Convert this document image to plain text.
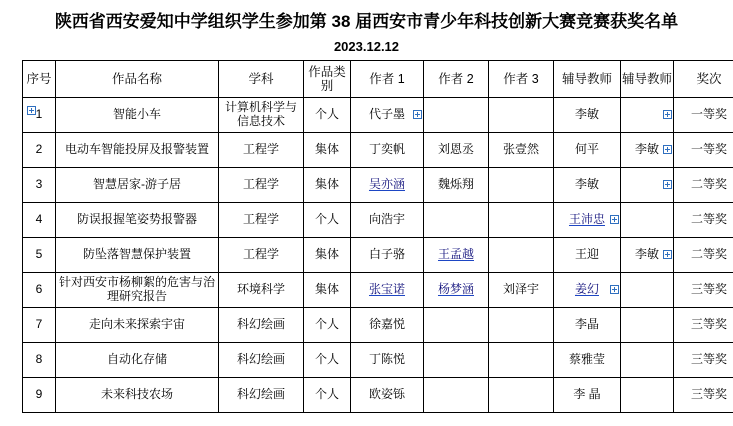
陕西省西安爱知中学组织学生参加第 38 届西安市青少年科技创新大赛竞赛获奖名单
2023.12.12
序号	作品名称	学科	作品类别	作者 1	作者 2	作者 3	辅导教师	辅导教师	奖次
1	智能小车	计算机科学与信息技术	个人	代子墨			李敏		一等奖
2	电动车智能投屏及报警装置	工程学	集体	丁奕帆	刘恩丞	张壹然	何平	李敏	一等奖
3	智慧居家-游子居	工程学	集体	吴亦涵	魏烁翔		李敏		二等奖
4	防误报握笔姿势报警器	工程学	个人	向浩宇			王沛忠		二等奖
5	防坠落智慧保护装置	工程学	集体	白子骆	王孟越		王迎	李敏	二等奖
6	针对西安市杨柳絮的危害与治理研究报告	环境科学	集体	张宝诺	杨梦涵	刘泽宇	姜幻		三等奖
7	走向未来探索宇宙	科幻绘画	个人	徐嘉悦			李晶		三等奖
8	自动化存储	科幻绘画	个人	丁陈悦			蔡雅莹		三等奖
9	未来科技农场	科幻绘画	个人	欧姿铄			李 晶		三等奖
